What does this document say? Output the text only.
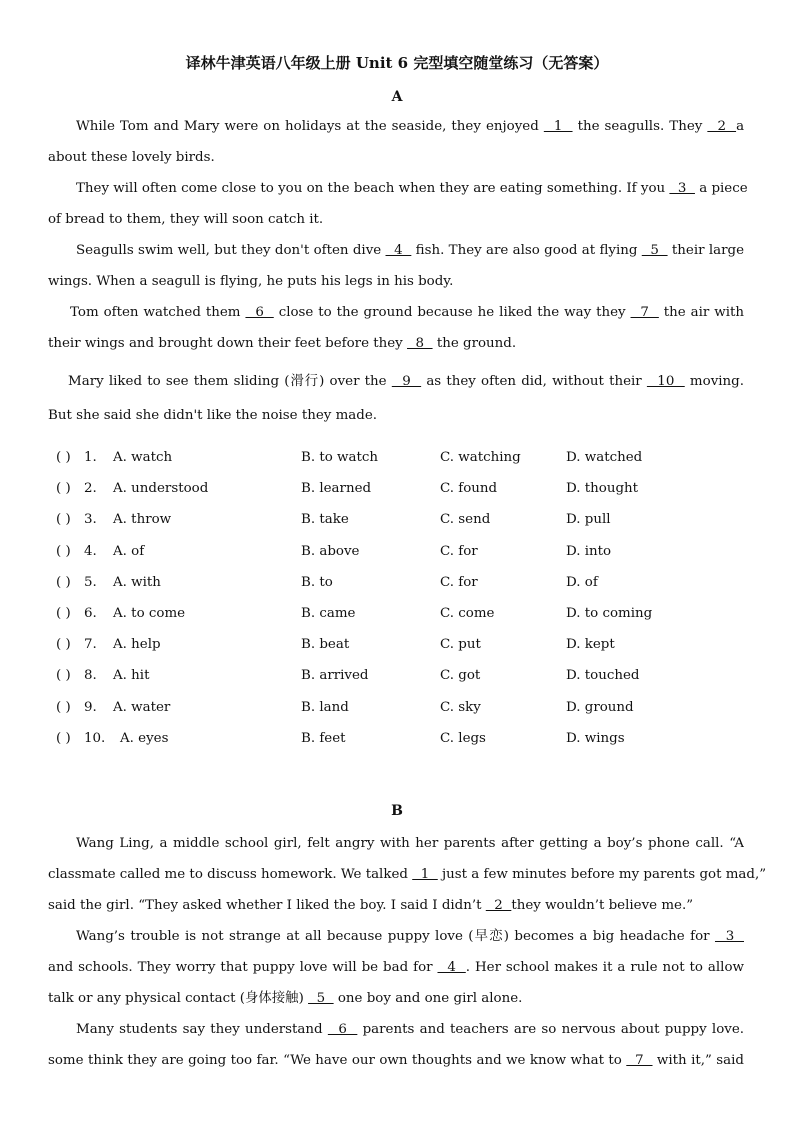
译林牛津英语八年级上册 Unit 6 完型填空随堂练习（无答案）
A
While Tom and Mary were on holidays at the seaside, they enjoyed   1   the seagulls. They   2  a
about these lovely birds.
They will often come close to you on the beach when they are eating something. If you   3   a piece
of bread to them, they will soon catch it.
Seagulls swim well, but they don't often dive   4   fish. They are also good at flying   5   their large
wings. When a seagull is flying, he puts his legs in his body.
Tom often watched them   6   close to the ground because he liked the way they   7   the air with
their wings and brought down their feet before they   8   the ground.
Mary liked to see them sliding (滑行) over the   9   as they often did, without their   10   moving.
But she said she didn't like the noise they made.
( ) 1. A. watch	B. to watch	C. watching	D. watched
( ) 2. A. understood	B. learned	C. found	D. thought
( ) 3. A. throw	B. take	C. send	D. pull
( ) 4. A. of	B. above	C. for	D. into
( ) 5. A. with	B. to	C. for	D. of
( ) 6. A. to come	B. came	C. come	D. to coming
( ) 7. A. help	B. beat	C. put	D. kept
( ) 8. A. hit	B. arrived	C. got	D. touched
( ) 9. A. water	B. land	C. sky	D. ground
( ) 10. A. eyes	B. feet	C. legs	D. wings
B
Wang Ling, a middle school girl, felt angry with her parents after getting a boy’s phone call. “A
classmate called me to discuss homework. We talked   1   just a few minutes before my parents got mad,”
said the girl. “They asked whether I liked the boy. I said I didn’t   2  they wouldn’t believe me.”
Wang’s trouble is not strange at all because puppy love (早恋) becomes a big headache for   3
and schools. They worry that puppy love will be bad for   4  . Her school makes it a rule not to allow
talk or any physical contact (身体接触)   5   one boy and one girl alone.
Many students say they understand   6   parents and teachers are so nervous about puppy love.
some think they are going too far. “We have our own thoughts and we know what to   7   with it,” said
